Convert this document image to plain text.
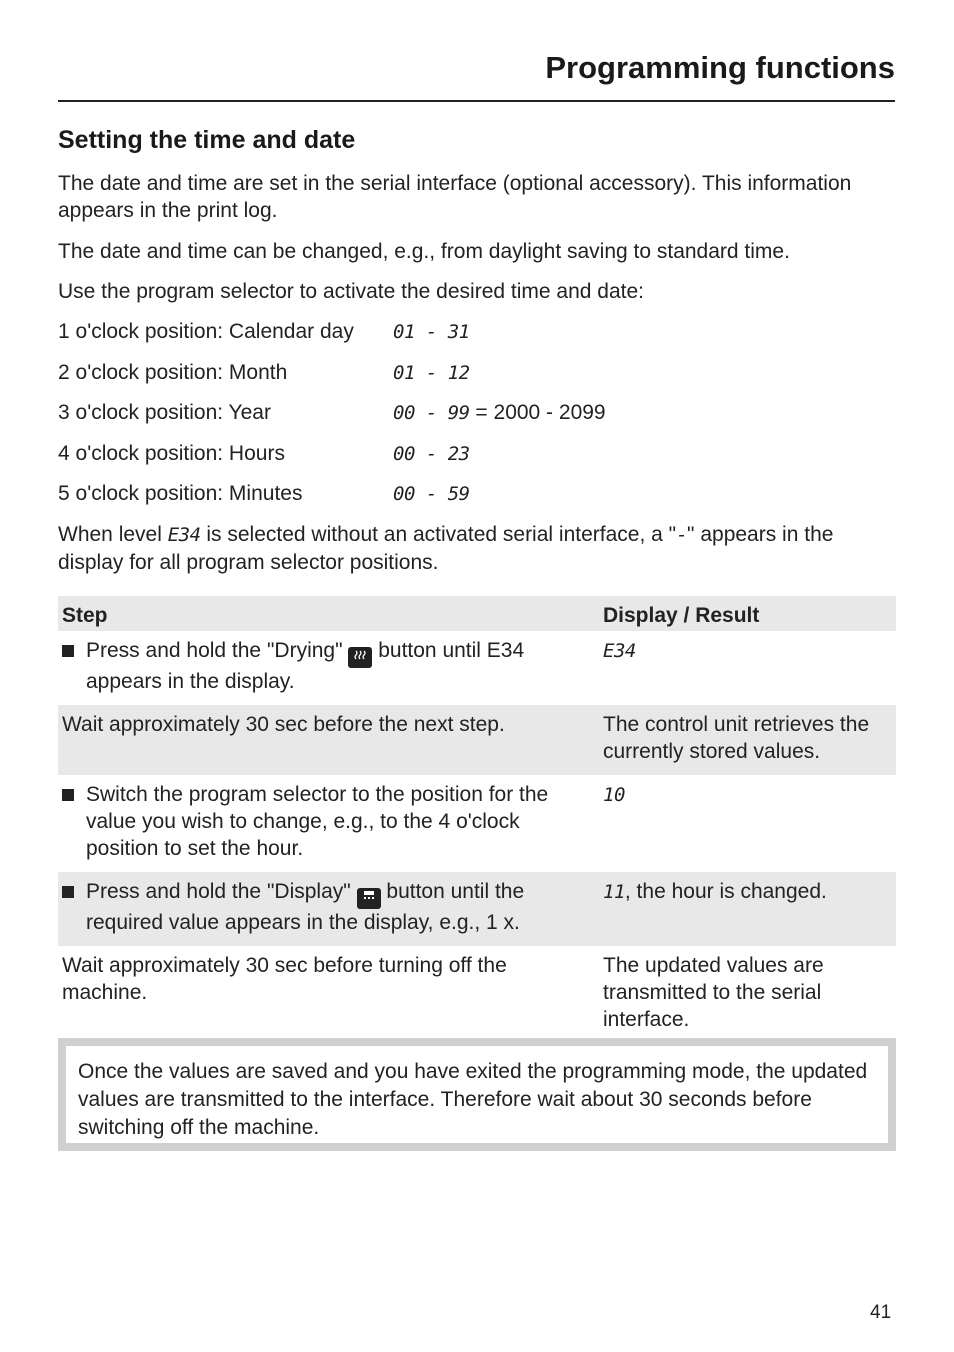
Programming functions
Setting the time and date

The date and time are set in the serial interface (optional accessory). This information appears in the print log.

The date and time can be changed, e.g., from daylight saving to standard time.

Use the program selector to activate the desired time and date:

1 o'clock position: Calendar day 01 - 31
2 o'clock position: Month	01 - 12
3 o'clock position: Year	00 - 99 = 2000 - 2099
4 o'clock position: Hours	00 - 23
5 o'clock position: Minutes	00 - 59

When level E34 is selected without an activated serial interface, a "-" appears in the display for all program selector positions.

Step	Display / Result

Press and hold the "Drying"  button until E34 appears in the display.	E34
Wait approximately 30 sec before the next step.	The control unit retrieves the currently stored values.

Switch the program selector to the position for the value you wish to change, e.g., to the 4 o'clock position to set the hour.	10

Press and hold the "Display"  button until the required value appears in the display, e.g., 1 x.	11, the hour is changed.
Wait approximately 30 sec before turning off the machine.	The updated values are transmitted to the serial interface.
Once the values are saved and you have exited the programming mode, the updated values are transmitted to the interface. Therefore wait about 30 seconds before switching off the machine.
41
